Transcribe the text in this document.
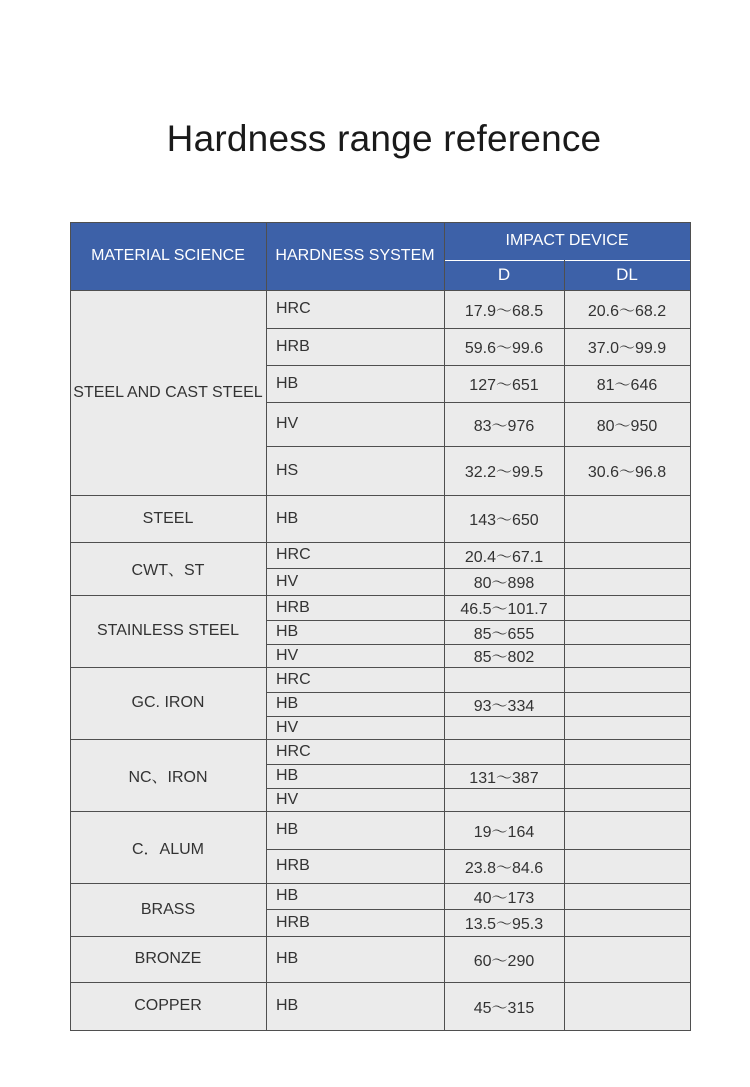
Hardness range reference
MATERIAL SCIENCE	HARDNESS SYSTEM
IMPACT DEVICE
D	DL
STEEL AND CAST STEEL
HRC	17.9～68.5	20.6～68.2
HRB	59.6～99.6	37.0～99.9
HB	127～651	81～646
HV	83～976	80～950
HS	32.2～99.5	30.6～96.8
STEEL	HB	143～650
CWT、ST
HRC	20.4～67.1
HV	80～898
STAINLESS STEEL
HRB	46.5～101.7
HB	85～655
HV	85～802
GC. IRON
HRC
HB	93～334
HV
NC、IRON
HRC
HB	131～387
HV
C．ALUM
HB	19～164
HRB	23.8～84.6
BRASS
HB	40～173
HRB	13.5～95.3
BRONZE	HB	60～290
COPPER	HB	45～315
